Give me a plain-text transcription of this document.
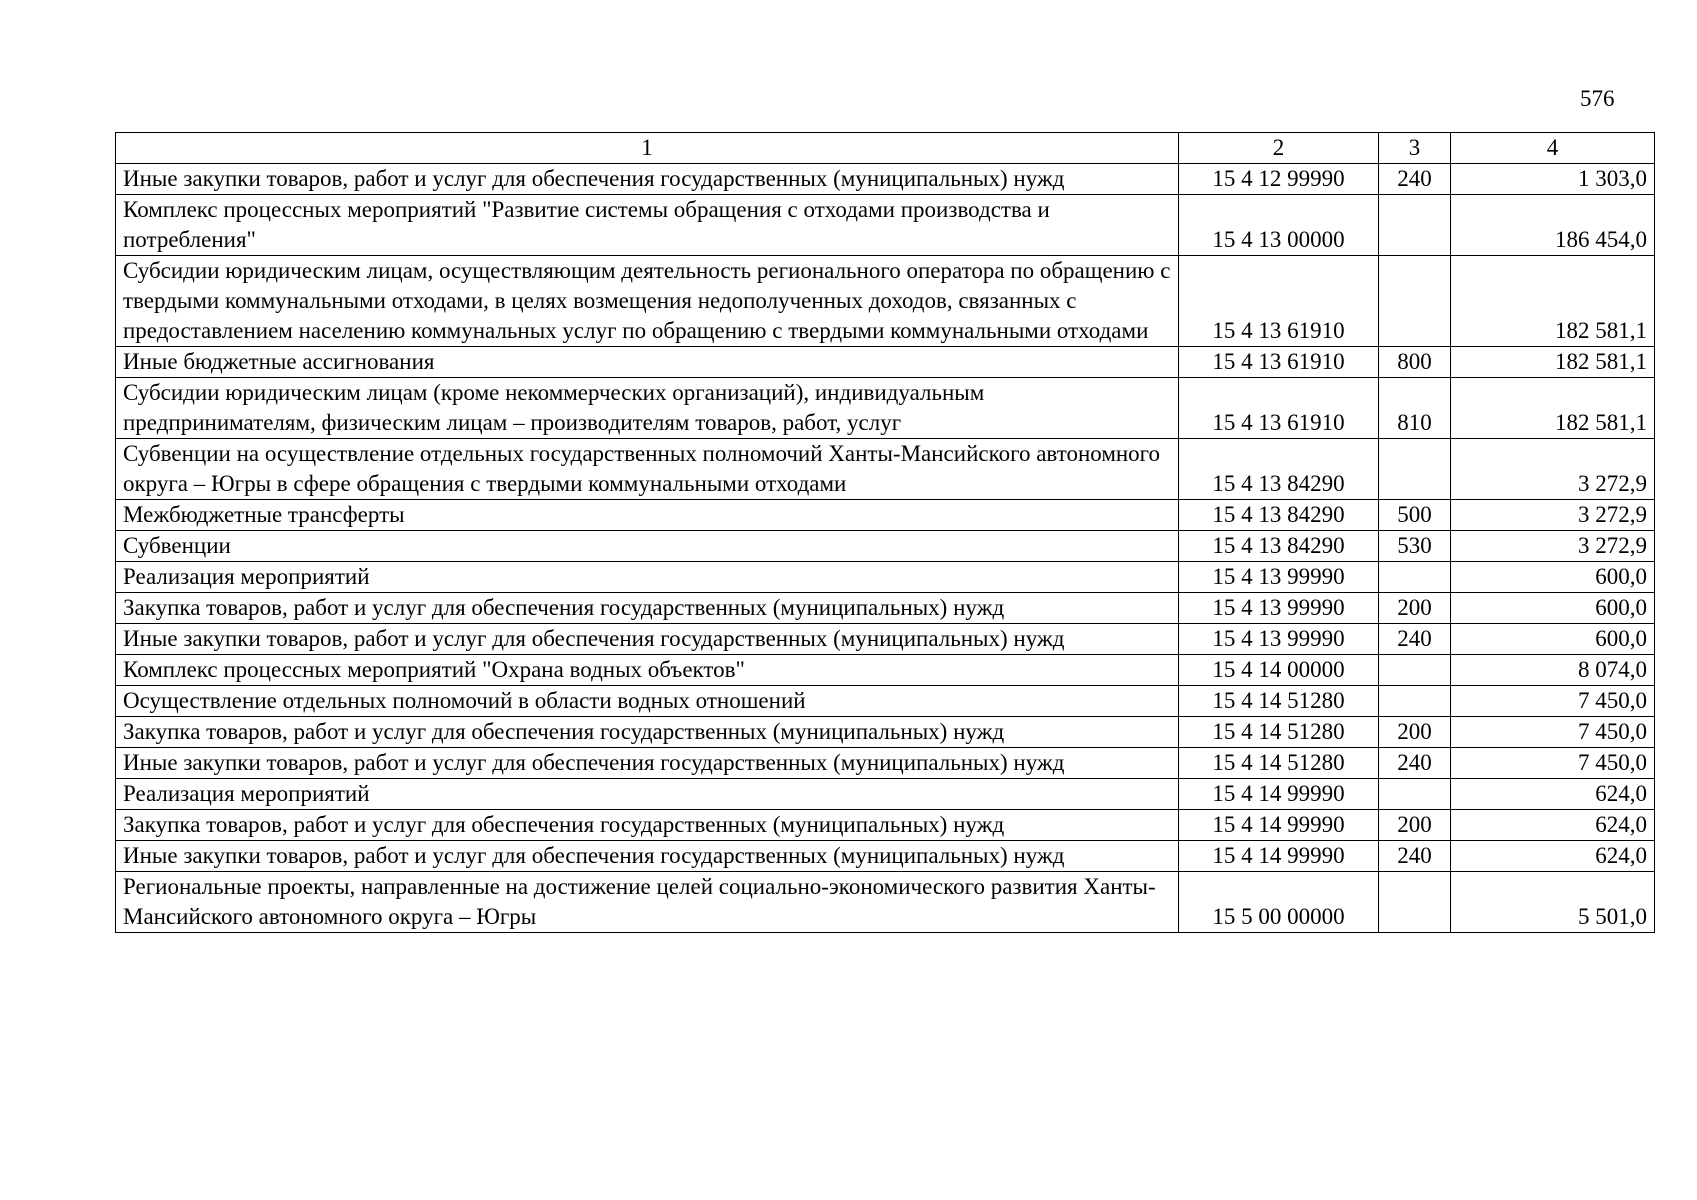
576
1	2	3	4
Иные закупки товаров, работ и услуг для обеспечения государственных (муниципальных) нужд	15 4 12 99990	240	1 303,0
Комплекс процессных мероприятий "Развитие системы обращения с отходами производства и потребления"	15 4 13 00000		186 454,0
Субсидии юридическим лицам, осуществляющим деятельность регионального оператора по обращению с твердыми коммунальными отходами, в целях возмещения недополученных доходов, связанных с предоставлением населению коммунальных услуг по обращению с твердыми коммунальными отходами	15 4 13 61910		182 581,1
Иные бюджетные ассигнования	15 4 13 61910	800	182 581,1
Субсидии юридическим лицам (кроме некоммерческих организаций), индивидуальным предпринимателям, физическим лицам – производителям товаров, работ, услуг	15 4 13 61910	810	182 581,1
Субвенции на осуществление отдельных государственных полномочий Ханты-Мансийского автономного округа – Югры в сфере обращения с твердыми коммунальными отходами	15 4 13 84290		3 272,9
Межбюджетные трансферты	15 4 13 84290	500	3 272,9
Субвенции	15 4 13 84290	530	3 272,9
Реализация мероприятий	15 4 13 99990		600,0
Закупка товаров, работ и услуг для обеспечения государственных (муниципальных) нужд	15 4 13 99990	200	600,0
Иные закупки товаров, работ и услуг для обеспечения государственных (муниципальных) нужд	15 4 13 99990	240	600,0
Комплекс процессных мероприятий "Охрана водных объектов"	15 4 14 00000		8 074,0
Осуществление отдельных полномочий в области водных отношений	15 4 14 51280		7 450,0
Закупка товаров, работ и услуг для обеспечения государственных (муниципальных) нужд	15 4 14 51280	200	7 450,0
Иные закупки товаров, работ и услуг для обеспечения государственных (муниципальных) нужд	15 4 14 51280	240	7 450,0
Реализация мероприятий	15 4 14 99990		624,0
Закупка товаров, работ и услуг для обеспечения государственных (муниципальных) нужд	15 4 14 99990	200	624,0
Иные закупки товаров, работ и услуг для обеспечения государственных (муниципальных) нужд	15 4 14 99990	240	624,0
Региональные проекты, направленные на достижение целей социально-экономического развития Ханты-Мансийского автономного округа – Югры	15 5 00 00000		5 501,0
